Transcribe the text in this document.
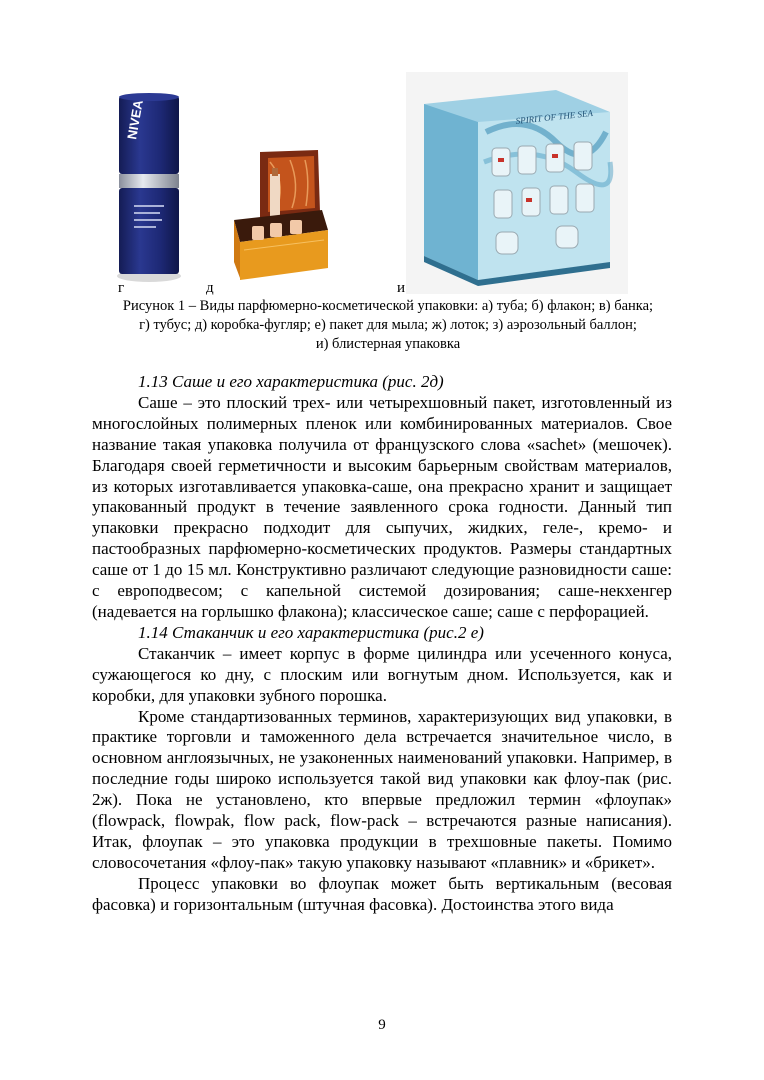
NIVEA	SPIRIT OF THE SEA
г	д	и
Рисунок 1 – Виды парфюмерно-косметической упаковки: а) туба; б) флакон; в) банка;
г) тубус; д) коробка-фугляр; е) пакет для мыла; ж) лоток; з) аэрозольный баллон;
и) блистерная упаковка

1.13 Саше и его характеристика (рис. 2д)

Саше – это плоский трех- или четырехшовный пакет, изготовленный из многослойных полимерных пленок или комбинированных материалов. Свое название такая упаковка получила от французского слова «sachet» (мешочек). Благодаря своей герметичности и высоким барьерным свойствам материалов, из которых изготавливается упаковка-саше, она прекрасно хранит и защищает упакованный продукт в течение заявленного срока годности. Данный тип упаковки прекрасно подходит для сыпучих, жидких, геле-, кремо- и пастообразных парфюмерно-косметических продуктов. Размеры стандартных саше от 1 до 15 мл. Конструктивно различают следующие разновидности саше: с европодвесом; с капельной системой дозирования; саше-некхенгер (надевается на горлышко флакона); классическое саше; саше с перфорацией.

1.14 Стаканчик и его характеристика (рис.2 е)

Стаканчик – имеет корпус в форме цилиндра или усеченного конуса, сужающегося ко дну, с плоским или вогнутым дном. Используется, как и коробки, для упаковки зубного порошка.

Кроме стандартизованных терминов, характеризующих вид упаковки, в практике торговли и таможенного дела встречается значительное число, в основном англоязычных, не узаконенных наименований упаковки. Например, в последние годы широко используется такой вид упаковки как флоу-пак (рис. 2ж). Пока не установлено, кто впервые предложил термин «флоупак» (flowpack, flowpak, flow pack, flow-pack – встречаются разные написания). Итак, флоупак – это упаковка продукции в трехшовные пакеты. Помимо словосочетания «флоу-пак» такую упаковку называют «плавник» и «брикет».

Процесс упаковки во флоупак может быть вертикальным (весовая фасовка) и горизонтальным (штучная фасовка). Достоинства этого вида

9
